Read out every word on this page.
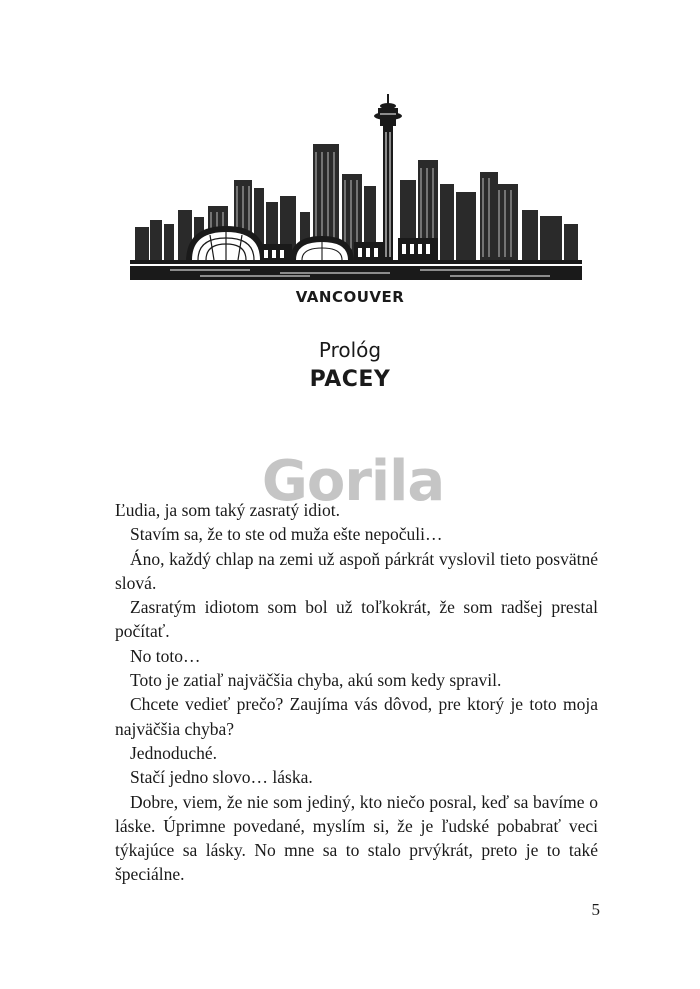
VANCOUVER
Prológ
PACEY
Gorila

Ľudia, ja som taký zasratý idiot.

Stavím sa, že to ste od muža ešte nepočuli…

Áno, každý chlap na zemi už aspoň párkrát vyslovil tieto posvätné slová.

Zasratým idiotom som bol už toľkokrát, že som radšej prestal počítať.

No toto…

Toto je zatiaľ najväčšia chyba, akú som kedy spravil.

Chcete vedieť prečo? Zaujíma vás dôvod, pre ktorý je toto moja najväčšia chyba?

Jednoduché.

Stačí jedno slovo… láska.

Dobre, viem, že nie som jediný, kto niečo posral, keď sa bavíme o láske. Úprimne povedané, myslím si, že je ľudské pobabrať veci týkajúce sa lásky. No mne sa to stalo prvýkrát, preto je to také špeciálne.

5
